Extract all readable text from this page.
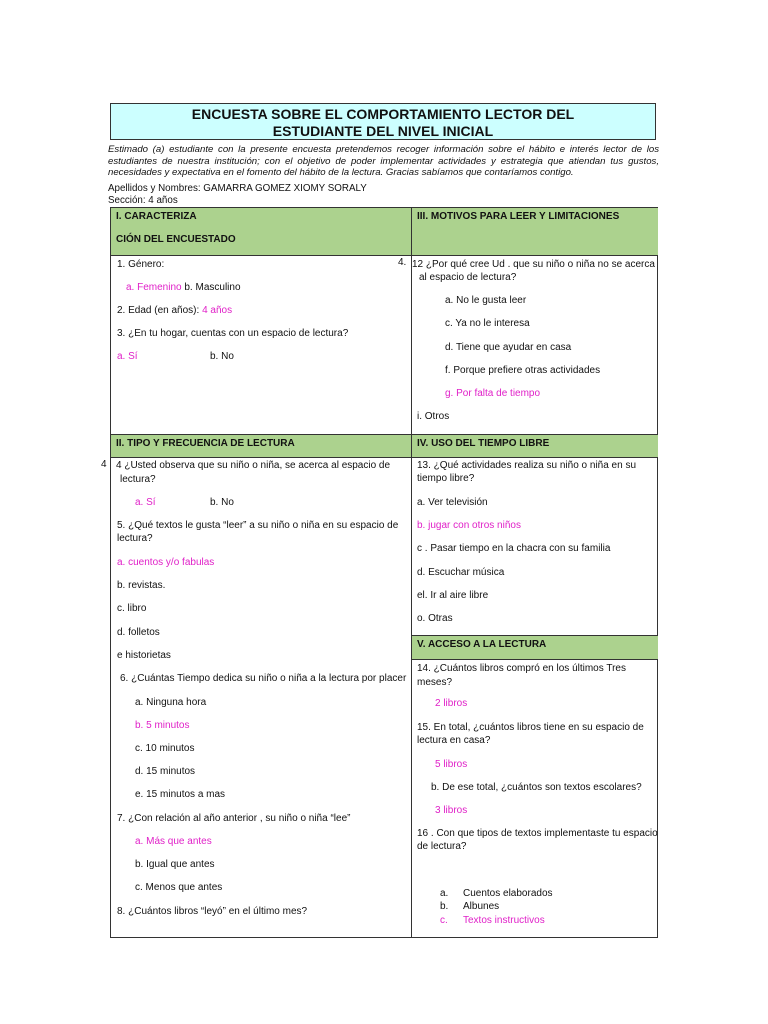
ENCUESTA SOBRE EL COMPORTAMIENTO LECTOR DEL
ESTUDIANTE DEL NIVEL INICIAL
Estimado (a) estudiante con la presente encuesta pretendemos recoger información sobre el hábito e interés lector de los estudiantes de nuestra institución; con el objetivo de poder implementar actividades y estrategia que atiendan tus gustos, necesidades y expectativa en el fomento del hábito de la lectura. Gracias sabíamos que contaríamos contigo.
Apellidos y Nombres: GAMARRA GOMEZ XIOMY SORALY
Sección: 4 años
4
4.
I. CARACTERIZA
CIÓN DEL ENCUESTADO
II. TIPO Y FRECUENCIA DE LECTURA
III. MOTIVOS PARA LEER Y LIMITACIONES
IV. USO DEL TIEMPO LIBRE
V. ACCESO A LA LECTURA
1. Género:
a. Femenino b. Masculino
2. Edad (en años): 4 años
3. ¿En tu hogar, cuentas con un espacio de lectura?
a. Sí	b. No
4 ¿Usted observa que su niño o niña, se acerca al espacio de
lectura?
a. Sí	b. No
5. ¿Qué textos le gusta “leer” a su niño o niña en su espacio de
lectura?
a. cuentos y/o fabulas
b. revistas.
c. libro
d. folletos
e historietas
6. ¿Cuántas Tiempo dedica su niño o niña a la lectura por placer
a. Ninguna hora
b. 5 minutos
c. 10 minutos
d. 15 minutos
e. 15 minutos a mas
7. ¿Con relación al año anterior , su niño o niña “lee”
a. Más que antes
b. Igual que antes
c. Menos que antes
8. ¿Cuántos libros “leyó” en el último mes?
12 ¿Por qué cree Ud . que su niño o niña no se acerca
al espacio de lectura?
a. No le gusta leer
c. Ya no le interesa
d. Tiene que ayudar en casa
f. Porque prefiere otras actividades
g. Por falta de tiempo
i. Otros
13. ¿Qué actividades realiza su niño o niña en su
tiempo libre?
a. Ver televisión
b. jugar con otros niños
c . Pasar tiempo en la chacra con su familia
d. Escuchar música
el. Ir al aire libre
o. Otras
14. ¿Cuántos libros compró en los últimos Tres
meses?
2 libros
15. En total, ¿cuántos libros tiene en su espacio de
lectura en casa?
5 libros
b. De ese total, ¿cuántos son textos escolares?
3 libros
16 . Con que tipos de textos implementaste tu espacio
de lectura?
a. Cuentos elaborados
b. Albunes
c. Textos instructivos
